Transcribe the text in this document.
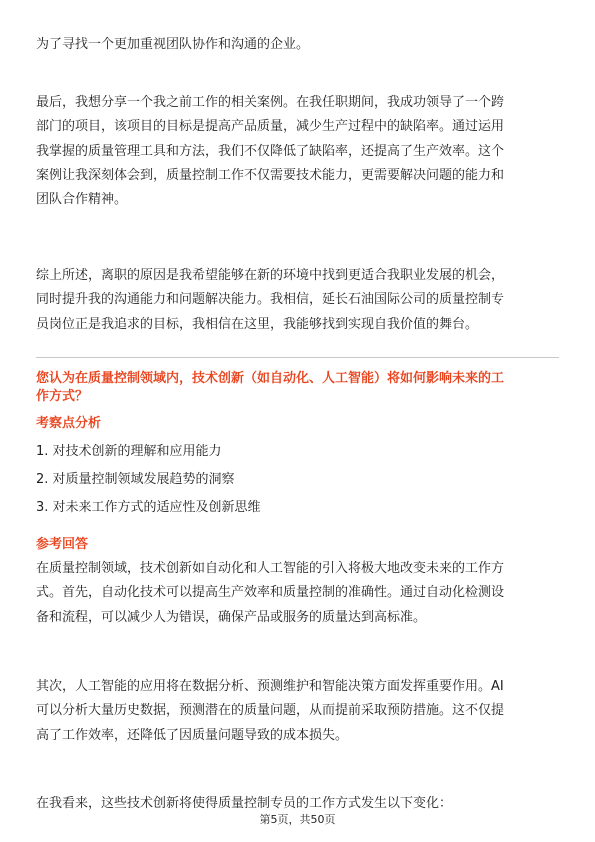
为了寻找一个更加重视团队协作和沟通的企业。

最后，我想分享一个我之前工作的相关案例。在我任职期间，我成功领导了一个跨

部门的项目，该项目的目标是提高产品质量，减少生产过程中的缺陷率。通过运用

我掌握的质量管理工具和方法，我们不仅降低了缺陷率，还提高了生产效率。这个

案例让我深刻体会到，质量控制工作不仅需要技术能力，更需要解决问题的能力和

团队合作精神。

综上所述，离职的原因是我希望能够在新的环境中找到更适合我职业发展的机会，

同时提升我的沟通能力和问题解决能力。我相信，延长石油国际公司的质量控制专

员岗位正是我追求的目标，我相信在这里，我能够找到实现自我价值的舞台。

您认为在质量控制领域内，技术创新（如自动化、人工智能）将如何影响未来的工

作方式？

考察点分析

1. 对技术创新的理解和应用能力

2. 对质量控制领域发展趋势的洞察

3. 对未来工作方式的适应性及创新思维

参考回答

在质量控制领域，技术创新如自动化和人工智能的引入将极大地改变未来的工作方

式。首先，自动化技术可以提高生产效率和质量控制的准确性。通过自动化检测设

备和流程，可以减少人为错误，确保产品或服务的质量达到高标准。

其次，人工智能的应用将在数据分析、预测维护和智能决策方面发挥重要作用。AI

可以分析大量历史数据，预测潜在的质量问题，从而提前采取预防措施。这不仅提

高了工作效率，还降低了因质量问题导致的成本损失。

在我看来，这些技术创新将使得质量控制专员的工作方式发生以下变化：

第5页，共50页
